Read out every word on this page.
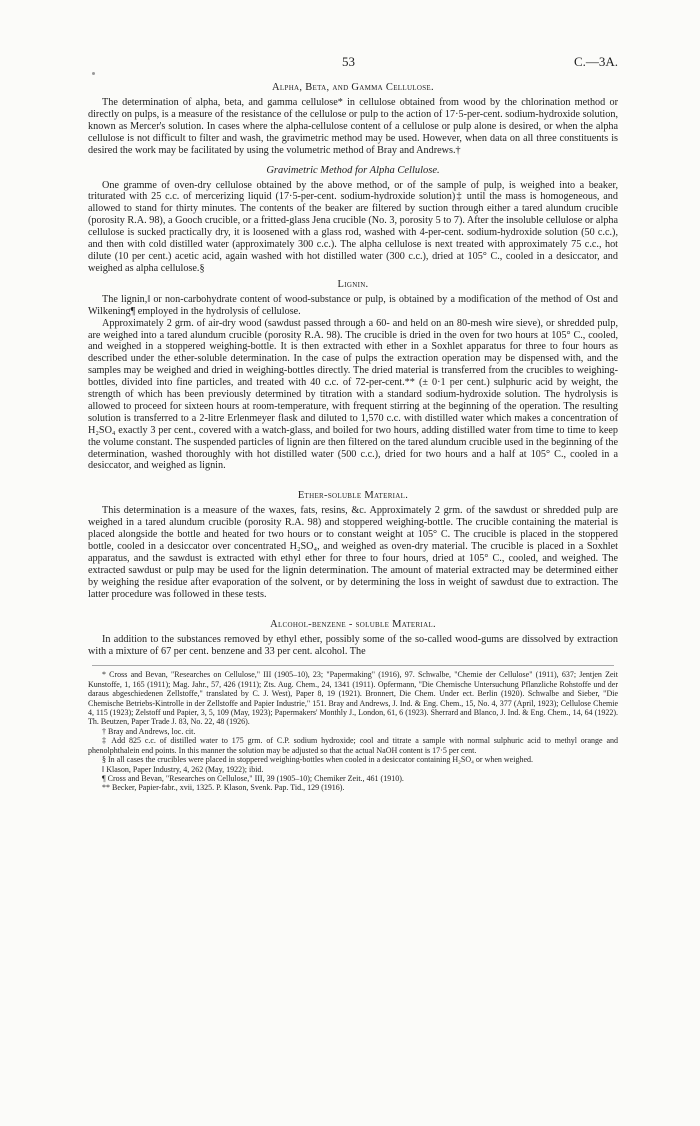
53	C.—3A.
Alpha, Beta, and Gamma Cellulose.

The determination of alpha, beta, and gamma cellulose* in cellulose obtained from wood by the chlorination method or directly on pulps, is a measure of the resistance of the cellulose or pulp to the action of 17·5-per-cent. sodium-hydroxide solution, known as Mercer's solution. In cases where the alpha-cellulose content of a cellulose or pulp alone is desired, or when the alpha cellulose is not difficult to filter and wash, the gravimetric method may be used. However, when data on all three constituents is desired the work may be facilitated by using the volumetric method of Bray and Andrews.†

Gravimetric Method for Alpha Cellulose.

One gramme of oven-dry cellulose obtained by the above method, or of the sample of pulp, is weighed into a beaker, triturated with 25 c.c. of mercerizing liquid (17·5-per-cent. sodium-hydroxide solution)‡ until the mass is homogeneous, and allowed to stand for thirty minutes. The contents of the beaker are filtered by suction through either a tared alundum crucible (porosity R.A. 98), a Gooch crucible, or a fritted-glass Jena crucible (No. 3, porosity 5 to 7). After the insoluble cellulose or alpha cellulose is sucked practically dry, it is loosened with a glass rod, washed with 4-per-cent. sodium-hydroxide solution (50 c.c.), and then with cold distilled water (approximately 300 c.c.). The alpha cellulose is next treated with approximately 75 c.c., hot dilute (10 per cent.) acetic acid, again washed with hot distilled water (300 c.c.), dried at 105° C., cooled in a desiccator, and weighed as alpha cellulose.§

Lignin.

The lignin,‖ or non-carbohydrate content of wood-substance or pulp, is obtained by a modification of the method of Ost and Wilkening¶ employed in the hydrolysis of cellulose.

Approximately 2 grm. of air-dry wood (sawdust passed through a 60- and held on an 80-mesh wire sieve), or shredded pulp, are weighed into a tared alundum crucible (porosity R.A. 98). The crucible is dried in the oven for two hours at 105° C., cooled, and weighed in a stoppered weighing-bottle. It is then extracted with ether in a Soxhlet apparatus for three to four hours as described under the ether-soluble determination. In the case of pulps the extraction operation may be dispensed with, and the samples may be weighed and dried in weighing-bottles directly. The dried material is transferred from the crucibles to weighing-bottles, divided into fine particles, and treated with 40 c.c. of 72-per-cent.** (± 0·1 per cent.) sulphuric acid by weight, the strength of which has been previously determined by titration with a standard sodium-hydroxide solution. The hydrolysis is allowed to proceed for sixteen hours at room-temperature, with frequent stirring at the beginning of the operation. The resulting solution is transferred to a 2-litre Erlenmeyer flask and diluted to 1,570 c.c. with distilled water which makes a concentration of H₂SO₄ exactly 3 per cent., covered with a watch-glass, and boiled for two hours, adding distilled water from time to time to keep the volume constant. The suspended particles of lignin are then filtered on the tared alundum crucible used in the beginning of the determination, washed thoroughly with hot distilled water (500 c.c.), dried for two hours and a half at 105° C., cooled in a desiccator, and weighed as lignin.

Ether-soluble Material.

This determination is a measure of the waxes, fats, resins, &c. Approximately 2 grm. of the sawdust or shredded pulp are weighed in a tared alundum crucible (porosity R.A. 98) and stoppered weighing-bottle. The crucible containing the material is placed alongside the bottle and heated for two hours or to constant weight at 105° C. The crucible is placed in the stoppered bottle, cooled in a desiccator over concentrated H₂SO₄, and weighed as oven-dry material. The crucible is placed in a Soxhlet apparatus, and the sawdust is extracted with ethyl ether for three to four hours, dried at 105° C., cooled, and weighed. The extracted sawdust or pulp may be used for the lignin determination. The amount of material extracted may be determined either by weighing the residue after evaporation of the solvent, or by determining the loss in weight of sawdust due to extraction. The latter procedure was followed in these tests.

Alcohol-benzene - soluble Material.

In addition to the substances removed by ethyl ether, possibly some of the so-called wood-gums are dissolved by extraction with a mixture of 67 per cent. benzene and 33 per cent. alcohol. The

* Cross and Bevan, "Researches on Cellulose," III (1905–10), 23; "Papermaking" (1916), 97. Schwalbe, "Chemie der Cellulose" (1911), 637; Jentjen Zeit Kunstoffe, 1, 165 (1911); Mag. Jahr., 57, 426 (1911); Zts. Aug. Chem., 24, 1341 (1911). Opfermann, "Die Chemische Untersuchung Pflanzliche Rohstoffe und der daraus abgeschiedenen Zellstoffe," translated by C. J. West), Paper 8, 19 (1921). Bronnert, Die Chem. Under ect. Berlin (1920). Schwalbe and Sieber, "Die Chemische Betriebs-Kintrolle in der Zellstoffe and Papier Industrie," 151. Bray and Andrews, J. Ind. & Eng. Chem., 15, No. 4, 377 (April, 1923); Cellulose Chemie 4, 115 (1923); Zelstoff und Papier, 3, 5, 109 (May, 1923); Papermakers' Monthly J., London, 61, 6 (1923). Sherrard and Blanco, J. Ind. & Eng. Chem., 14, 64 (1922). Th. Beutzen, Paper Trade J. 83, No. 22, 48 (1926).

† Bray and Andrews, loc. cit.

‡ Add 825 c.c. of distilled water to 175 grm. of C.P. sodium hydroxide; cool and titrate a sample with normal sulphuric acid to methyl orange and phenolphthalein end points. In this manner the solution may be adjusted so that the actual NaOH content is 17·5 per cent.

§ In all cases the crucibles were placed in stoppered weighing-bottles when cooled in a desiccator containing H₂SO₄ or when weighed.

‖ Klason, Paper Industry, 4, 262 (May, 1922); ibid.

¶ Cross and Bevan, "Researches on Cellulose," III, 39 (1905–10); Chemiker Zeit., 461 (1910).

** Becker, Papier-fabr., xvii, 1325. P. Klason, Svenk. Pap. Tid., 129 (1916).
